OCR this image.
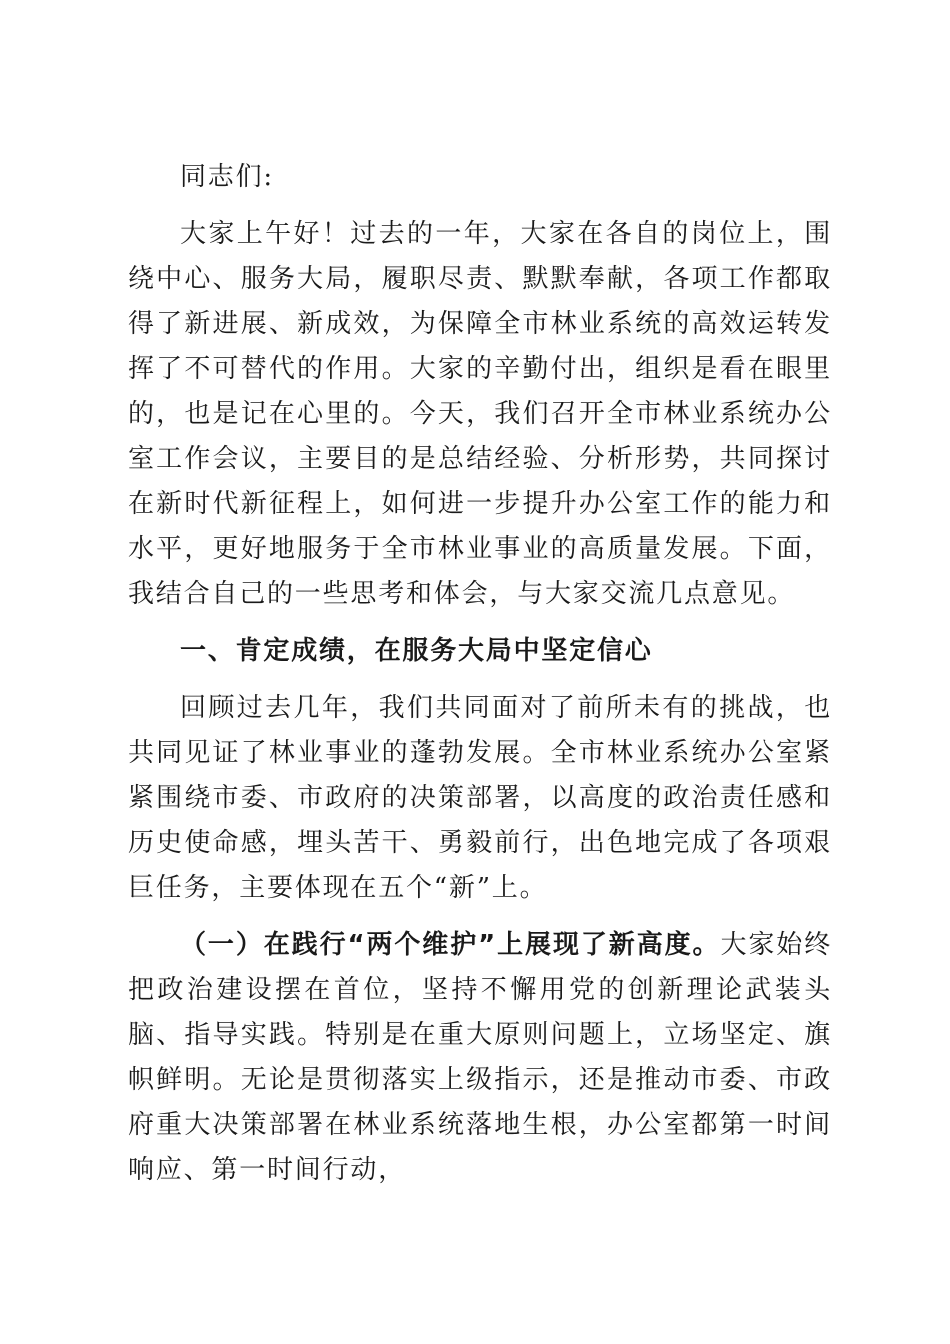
同志们:

大家上午好！过去的一年，大家在各自的岗位上，围绕中心、服务大局，履职尽责、默默奉献，各项工作都取得了新进展、新成效，为保障全市林业系统的高效运转发挥了不可替代的作用。大家的辛勤付出，组织是看在眼里的，也是记在心里的。今天，我们召开全市林业系统办公室工作会议，主要目的是总结经验、分析形势，共同探讨在新时代新征程上，如何进一步提升办公室工作的能力和水平，更好地服务于全市林业事业的高质量发展。下面，我结合自己的一些思考和体会，与大家交流几点意见。

一、肯定成绩，在服务大局中坚定信心

回顾过去几年，我们共同面对了前所未有的挑战，也共同见证了林业事业的蓬勃发展。全市林业系统办公室紧紧围绕市委、市政府的决策部署，以高度的政治责任感和历史使命感，埋头苦干、勇毅前行，出色地完成了各项艰巨任务，主要体现在五个“新”上。

（一）在践行“两个维护”上展现了新高度。大家始终把政治建设摆在首位，坚持不懈用党的创新理论武装头脑、指导实践。特别是在重大原则问题上，立场坚定、旗帜鲜明。无论是贯彻落实上级指示，还是推动市委、市政府重大决策部署在林业系统落地生根，办公室都第一时间响应、第一时间行动，
